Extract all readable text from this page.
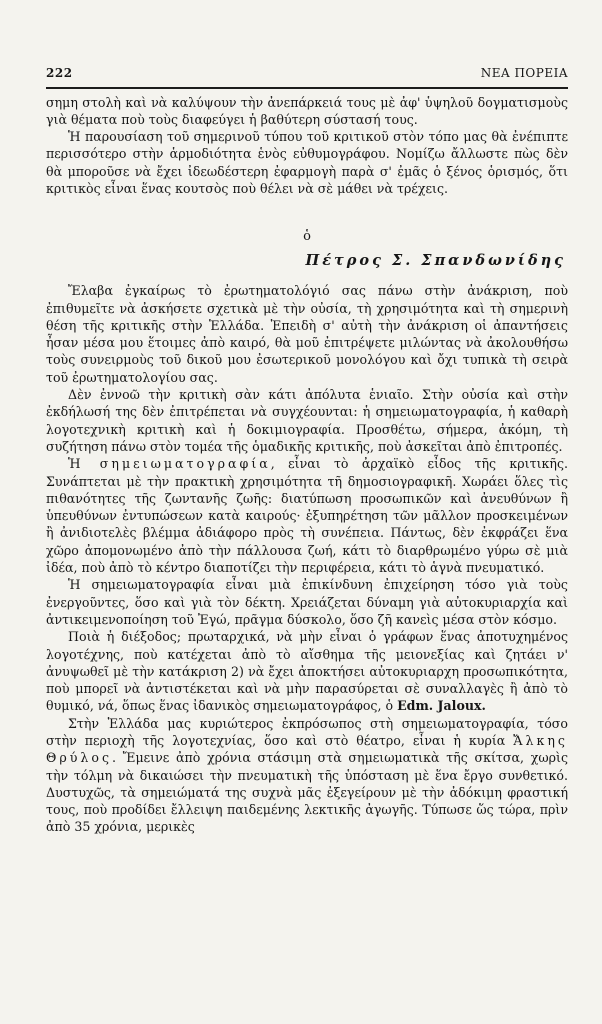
222	ΝΕΑ ΠΟΡΕΙΑ

σημη στολὴ καὶ νὰ καλύψουν τὴν ἀνεπάρκειά τους μὲ ἀφ' ὑψηλοῦ δογματισμοὺς γιὰ θέματα ποὺ τοὺς διαφεύγει ἡ βαθύτερη σύστασή τους.

Ἡ παρουσίαση τοῦ σημερινοῦ τύπου τοῦ κριτικοῦ στὸν τόπο μας θὰ ἐνέπιπτε περισσότερο στὴν ἁρμοδιότητα ἑνὸς εὐθυμογράφου. Νομίζω ἄλλωστε πὼς δὲν θὰ μποροῦσε νὰ ἔχει ἰδεωδέστερη ἐφαρμογὴ παρὰ σ' ἐμᾶς ὁ ξένος ὁρισμός, ὅτι κριτικὸς εἶναι ἕνας κουτσὸς ποὺ θέλει νὰ σὲ μάθει νὰ τρέχεις.

ὁ
Πέτρος Σ. Σπανδωνίδης

Ἔλαβα ἐγκαίρως τὸ ἐρωτηματολόγιό σας πάνω στὴν ἀνάκριση, ποὺ ἐπιθυμεῖτε νὰ ἀσκήσετε σχετικὰ μὲ τὴν οὐσία, τὴ χρησιμότητα καὶ τὴ σημερινὴ θέση τῆς κριτικῆς στὴν Ἑλλάδα. Ἐπειδὴ σ' αὐτὴ τὴν ἀνάκριση οἱ ἀπαντήσεις ἦσαν μέσα μου ἕτοιμες ἀπὸ καιρό, θὰ μοῦ ἐπιτρέψετε μιλώντας νὰ ἀκολουθήσω τοὺς συνειρμοὺς τοῦ δικοῦ μου ἐσωτερικοῦ μονολόγου καὶ ὄχι τυπικὰ τὴ σειρὰ τοῦ ἐρωτηματολογίου σας.

Δὲν ἐννοῶ τὴν κριτικὴ σὰν κάτι ἀπόλυτα ἑνιαῖο. Στὴν οὐσία καὶ στὴν ἐκδήλωσή της δὲν ἐπιτρέπεται νὰ συγχέουνται: ἡ σημειωματογραφία, ἡ καθαρὴ λογοτεχνικὴ κριτικὴ καὶ ἡ δοκιμιογραφία. Προσθέτω, σήμερα, ἀκόμη, τὴ συζήτηση πάνω στὸν τομέα τῆς ὁμαδικῆς κριτικῆς, ποὺ ἀσκεῖται ἀπὸ ἐπιτροπές.

Ἡ σημειωματογραφία, εἶναι τὸ ἀρχαϊκὸ εἶδος τῆς κριτικῆς. Συνάπτεται μὲ τὴν πρακτικὴ χρησιμότητα τῆ δημοσιογραφικῆ. Χωράει ὅλες τὶς πιθανότητες τῆς ζωντανῆς ζωῆς: διατύπωση προσωπικῶν καὶ ἀνευθύνων ἢ ὑπευθύνων ἐντυπώσεων κατὰ καιρούς· ἐξυπηρέτηση τῶν μᾶλλον προσκειμένων ἢ ἀνιδιοτελὲς βλέμμα ἀδιάφορο πρὸς τὴ συνέπεια. Πάντως, δὲν ἐκφράζει ἕνα χῶρο ἀπομονωμένο ἀπὸ τὴν πάλλουσα ζωή, κάτι τὸ διαρθρωμένο γύρω σὲ μιὰ ἰδέα, ποὺ ἀπὸ τὸ κέντρο διαποτίζει τὴν περιφέρεια, κάτι τὸ ἁγνὰ πνευματικό.

Ἡ σημειωματογραφία εἶναι μιὰ ἐπικίνδυνη ἐπιχείρηση τόσο γιὰ τοὺς ἐνεργοῦντες, ὅσο καὶ γιὰ τὸν δέκτη. Χρειάζεται δύναμη γιὰ αὐτοκυριαρχία καὶ ἀντικειμενοποίηση τοῦ Ἐγώ, πρᾶγμα δύσκολο, ὅσο ζῆ κανεὶς μέσα στὸν κόσμο.

Ποιὰ ἡ διέξοδος; πρωταρχικά, νὰ μὴν εἶναι ὁ γράφων ἕνας ἀποτυχημένος λογοτέχνης, ποὺ κατέχεται ἀπὸ τὸ αἴσθημα τῆς μειονεξίας καὶ ζητάει ν' ἀνυψωθεῖ μὲ τὴν κατάκριση 2) νὰ ἔχει ἀποκτήσει αὐτοκυριαρχη προσωπικότητα, ποὺ μπορεῖ νὰ ἀντιστέκεται καὶ νὰ μὴν παρασύρεται σὲ συναλλαγὲς ἢ ἀπὸ τὸ θυμικό, νά, ὅπως ἕνας ἰδανικὸς σημειωματογράφος, ὁ Edm. Jaloux.

Στὴν Ἑλλάδα μας κυριώτερος ἐκπρόσωπος στὴ σημειωματογραφία, τόσο στὴν περιοχὴ τῆς λογοτεχνίας, ὅσο καὶ στὸ θέατρο, εἶναι ἡ κυρία Ἄλκης Θρύλος. Ἔμεινε ἀπὸ χρόνια στάσιμη στὰ σημειωματικὰ τῆς σκίτσα, χωρὶς τὴν τόλμη νὰ δικαιώσει τὴν πνευματικὴ τῆς ὑπόσταση μὲ ἕνα ἔργο συνθετικό. Δυστυχῶς, τὰ σημειώματά της συχνὰ μᾶς ἐξεγείρουν μὲ τὴν ἀδόκιμη φραστική τους, ποὺ προδίδει ἔλλειψη παιδεμένης λεκτικῆς ἀγωγῆς. Τύπωσε ὥς τώρα, πρὶν ἀπὸ 35 χρόνια, μερικὲς
